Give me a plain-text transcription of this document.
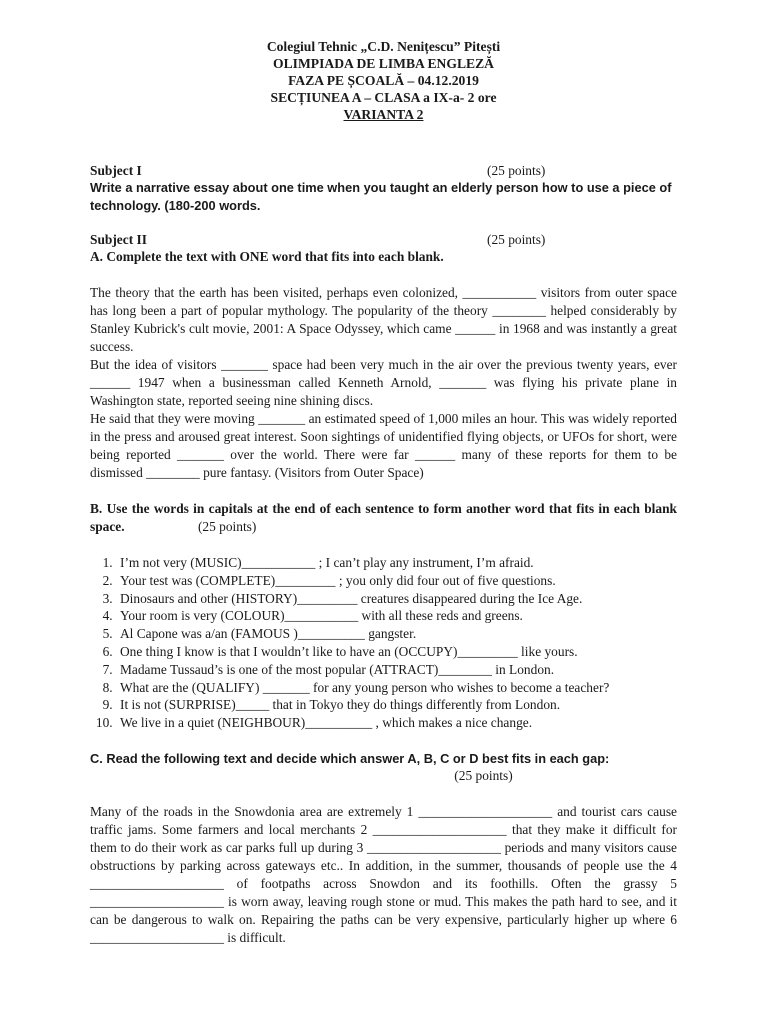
Colegiul Tehnic „C.D. Nenițescu” Pitești
OLIMPIADA DE LIMBA ENGLEZĂ
FAZA PE ȘCOALĂ – 04.12.2019
SECȚIUNEA A – CLASA a IX-a- 2 ore
VARIANTA 2
Subject I	(25 points)
Write a narrative essay about one time when you taught an elderly person how to use a piece of technology. (180-200 words.
Subject II	(25 points)
A. Complete the text with ONE word that fits into each blank.
The theory that the earth has been visited, perhaps even colonized, ___________ visitors from outer space has long been a part of popular mythology. The popularity of the theory ________ helped considerably by Stanley Kubrick's cult movie, 2001: A Space Odyssey, which came ______ in 1968 and was instantly a great success.
But the idea of visitors _______ space had been very much in the air over the previous twenty years, ever ______ 1947 when a businessman called Kenneth Arnold, _______ was flying his private plane in Washington state, reported seeing nine shining discs.
He said that they were moving _______ an estimated speed of 1,000 miles an hour. This was widely reported in the press and aroused great interest. Soon sightings of unidentified flying objects, or UFOs for short, were being reported _______ over the world. There were far ______ many of these reports for them to be dismissed ________ pure fantasy. (Visitors from Outer Space)
B. Use the words in capitals at the end of each sentence to form another word that fits in each blank space.	(25 points)
1. I’m not very (MUSIC)___________ ; I can’t play any instrument, I’m afraid.
2. Your test was (COMPLETE)_________ ; you only did four out of five questions.
3. Dinosaurs and other (HISTORY)_________ creatures disappeared during the Ice Age.
4. Your room is very (COLOUR)___________ with all these reds and greens.
5. Al Capone was a/an (FAMOUS )__________ gangster.
6. One thing I know is that I wouldn’t like to have an (OCCUPY)_________ like yours.
7. Madame Tussaud’s is one of the most popular (ATTRACT)________ in London.
8. What are the (QUALIFY) _______ for any young person who wishes to become a teacher?
9. It is not (SURPRISE)_____ that in Tokyo they do things differently from London.
10. We live in a quiet (NEIGHBOUR)__________ , which makes a nice change.
C. Read the following text and decide which answer A, B, C or D best fits in each gap:
(25 points)
Many of the roads in the Snowdonia area are extremely 1 ____________________ and tourist cars cause traffic jams. Some farmers and local merchants 2 ____________________ that they make it difficult for them to do their work as car parks full up during 3 ____________________ periods and many visitors cause obstructions by parking across gateways etc.. In addition, in the summer, thousands of people use the 4 ____________________ of footpaths across Snowdon and its foothills. Often the grassy 5 ____________________ is worn away, leaving rough stone or mud. This makes the path hard to see, and it can be dangerous to walk on. Repairing the paths can be very expensive, particularly higher up where 6 ____________________ is difficult.
